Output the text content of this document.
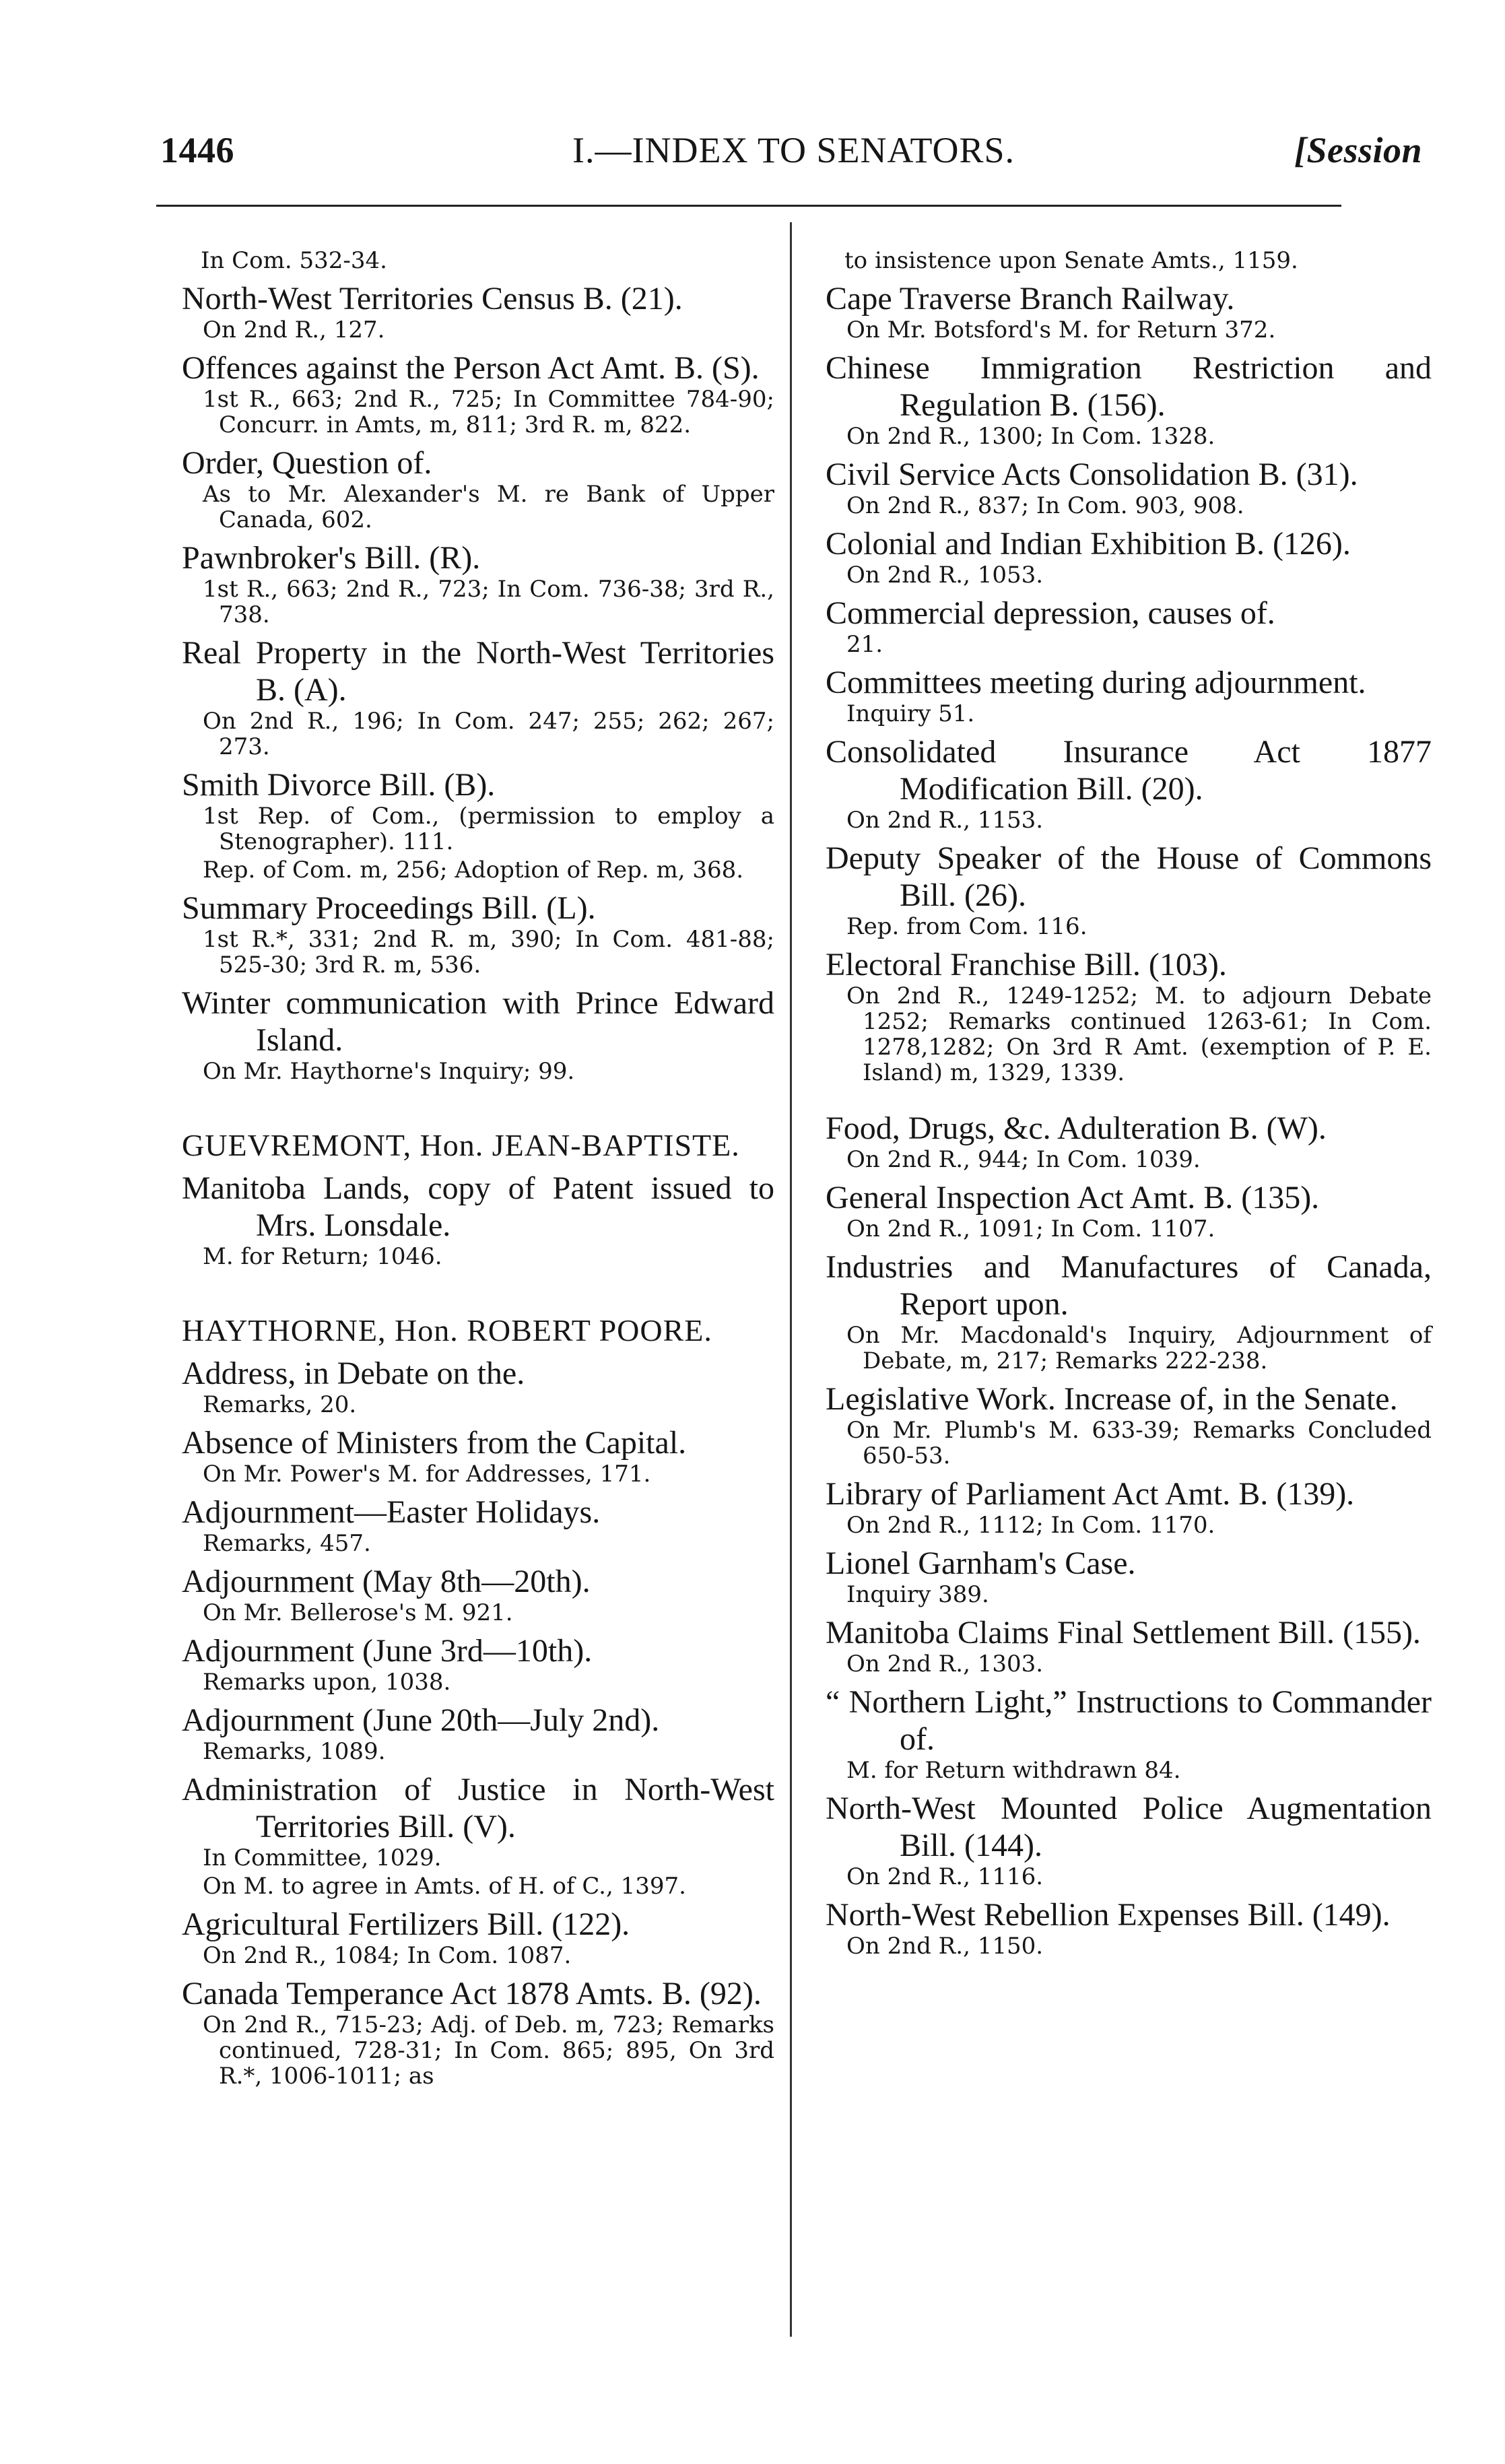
1446	I.—INDEX TO SENATORS.	[Session
In Com. 532-34.
North-West Territories Census B. (21).
On 2nd R., 127.
Offences against the Person Act Amt. B. (S).
1st R., 663; 2nd R., 725; In Committee 784-90; Concurr. in Amts, m, 811; 3rd R. m, 822.
Order, Question of.
As to Mr. Alexander's M. re Bank of Upper Canada, 602.
Pawnbroker's Bill. (R).
1st R., 663; 2nd R., 723; In Com. 736-38; 3rd R., 738.
Real Property in the North-West Territories B. (A).
On 2nd R., 196; In Com. 247; 255; 262; 267; 273.
Smith Divorce Bill. (B).
1st Rep. of Com., (permission to employ a Stenographer). 111.
Rep. of Com. m, 256; Adoption of Rep. m, 368.
Summary Proceedings Bill. (L).
1st R.*, 331; 2nd R. m, 390; In Com. 481-88; 525-30; 3rd R. m, 536.
Winter communication with Prince Edward Island.
On Mr. Haythorne's Inquiry; 99.
GUEVREMONT, Hon. JEAN-BAPTISTE.
Manitoba Lands, copy of Patent issued to Mrs. Lonsdale.
M. for Return; 1046.
HAYTHORNE, Hon. ROBERT POORE.
Address, in Debate on the.
Remarks, 20.
Absence of Ministers from the Capital.
On Mr. Power's M. for Addresses, 171.
Adjournment—Easter Holidays.
Remarks, 457.
Adjournment (May 8th—20th).
On Mr. Bellerose's M. 921.
Adjournment (June 3rd—10th).
Remarks upon, 1038.
Adjournment (June 20th—July 2nd).
Remarks, 1089.
Administration of Justice in North-West Territories Bill. (V).
In Committee, 1029.
On M. to agree in Amts. of H. of C., 1397.
Agricultural Fertilizers Bill. (122).
On 2nd R., 1084; In Com. 1087.
Canada Temperance Act 1878 Amts. B. (92).
On 2nd R., 715-23; Adj. of Deb. m, 723; Remarks continued, 728-31; In Com. 865; 895, On 3rd R.*, 1006-1011; as
to insistence upon Senate Amts., 1159.
Cape Traverse Branch Railway.
On Mr. Botsford's M. for Return 372.
Chinese Immigration Restriction and Regulation B. (156).
On 2nd R., 1300; In Com. 1328.
Civil Service Acts Consolidation B. (31).
On 2nd R., 837; In Com. 903, 908.
Colonial and Indian Exhibition B. (126).
On 2nd R., 1053.
Commercial depression, causes of.
21.
Committees meeting during adjournment.
Inquiry 51.
Consolidated Insurance Act 1877 Modification Bill. (20).
On 2nd R., 1153.
Deputy Speaker of the House of Commons Bill. (26).
Rep. from Com. 116.
Electoral Franchise Bill. (103).
On 2nd R., 1249-1252; M. to adjourn Debate 1252; Remarks continued 1263-61; In Com. 1278,1282; On 3rd R Amt. (exemption of P. E. Island) m, 1329, 1339.
Food, Drugs, &c. Adulteration B. (W).
On 2nd R., 944; In Com. 1039.
General Inspection Act Amt. B. (135).
On 2nd R., 1091; In Com. 1107.
Industries and Manufactures of Canada, Report upon.
On Mr. Macdonald's Inquiry, Adjournment of Debate, m, 217; Remarks 222-238.
Legislative Work. Increase of, in the Senate.
On Mr. Plumb's M. 633-39; Remarks Concluded 650-53.
Library of Parliament Act Amt. B. (139).
On 2nd R., 1112; In Com. 1170.
Lionel Garnham's Case.
Inquiry 389.
Manitoba Claims Final Settlement Bill. (155).
On 2nd R., 1303.
“ Northern Light,” Instructions to Commander of.
M. for Return withdrawn 84.
North-West Mounted Police Augmentation Bill. (144).
On 2nd R., 1116.
North-West Rebellion Expenses Bill. (149).
On 2nd R., 1150.
